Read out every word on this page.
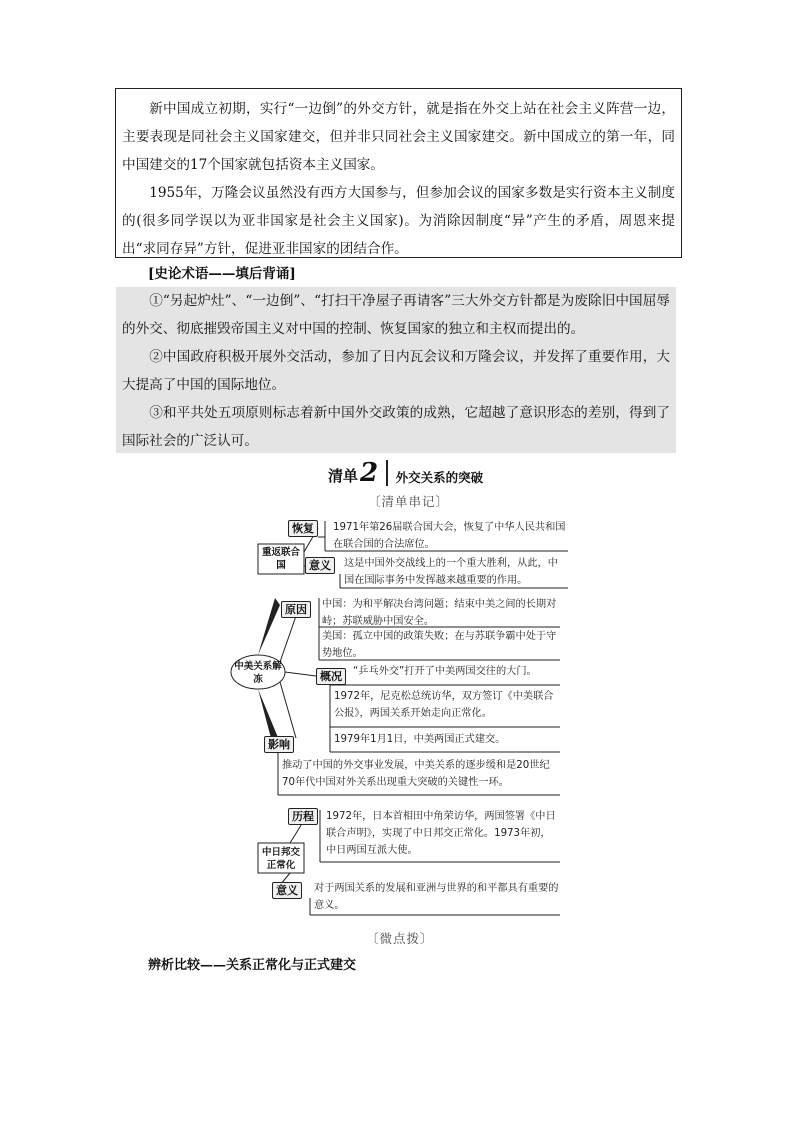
新中国成立初期，实行“一边倒”的外交方针，就是指在外交上站在社会主义阵营一边，主要表现是同社会主义国家建交，但并非只同社会主义国家建交。新中国成立的第一年，同中国建交的17个国家就包括资本主义国家。

1955年，万隆会议虽然没有西方大国参与，但参加会议的国家多数是实行资本主义制度的(很多同学误以为亚非国家是社会主义国家)。为消除因制度“异”产生的矛盾，周恩来提出“求同存异”方针，促进亚非国家的团结合作。

[史论术语——填后背诵]

①“另起炉灶”、“一边倒”、“打扫干净屋子再请客”三大外交方针都是为废除旧中国屈辱的外交、彻底摧毁帝国主义对中国的控制、恢复国家的独立和主权而提出的。

②中国政府积极开展外交活动，参加了日内瓦会议和万隆会议，并发挥了重要作用，大大提高了中国的国际地位。

③和平共处五项原则标志着新中国外交政策的成熟，它超越了意识形态的差别，得到了国际社会的广泛认可。

清单 2 外交关系的突破
〔清单串记〕
重返联合国
恢复	1971年第26届联合国大会，恢复了中华人民共和国在联合国的合法席位。
意义	这是中国外交战线上的一个重大胜利，从此，中国在国际事务中发挥越来越重要的作用。
中美关系解冻
原因	中国：为和平解决台湾问题；结束中美之间的长期对峙；苏联威胁中国安全。
美国：孤立中国的政策失败；在与苏联争霸中处于守势地位。
概况	“乒乓外交”打开了中美两国交往的大门。
1972年，尼克松总统访华，双方签订《中美联合公报》，两国关系开始走向正常化。
1979年1月1日，中美两国正式建交。
影响
推动了中国的外交事业发展，中美关系的逐步缓和是20世纪70年代中国对外关系出现重大突破的关键性一环。
中日邦交正常化
历程	1972年，日本首相田中角荣访华，两国签署《中日联合声明》，实现了中日邦交正常化。1973年初，中日两国互派大使。
意义	对于两国关系的发展和亚洲与世界的和平都具有重要的意义。
〔微点拨〕
辨析比较——关系正常化与正式建交
